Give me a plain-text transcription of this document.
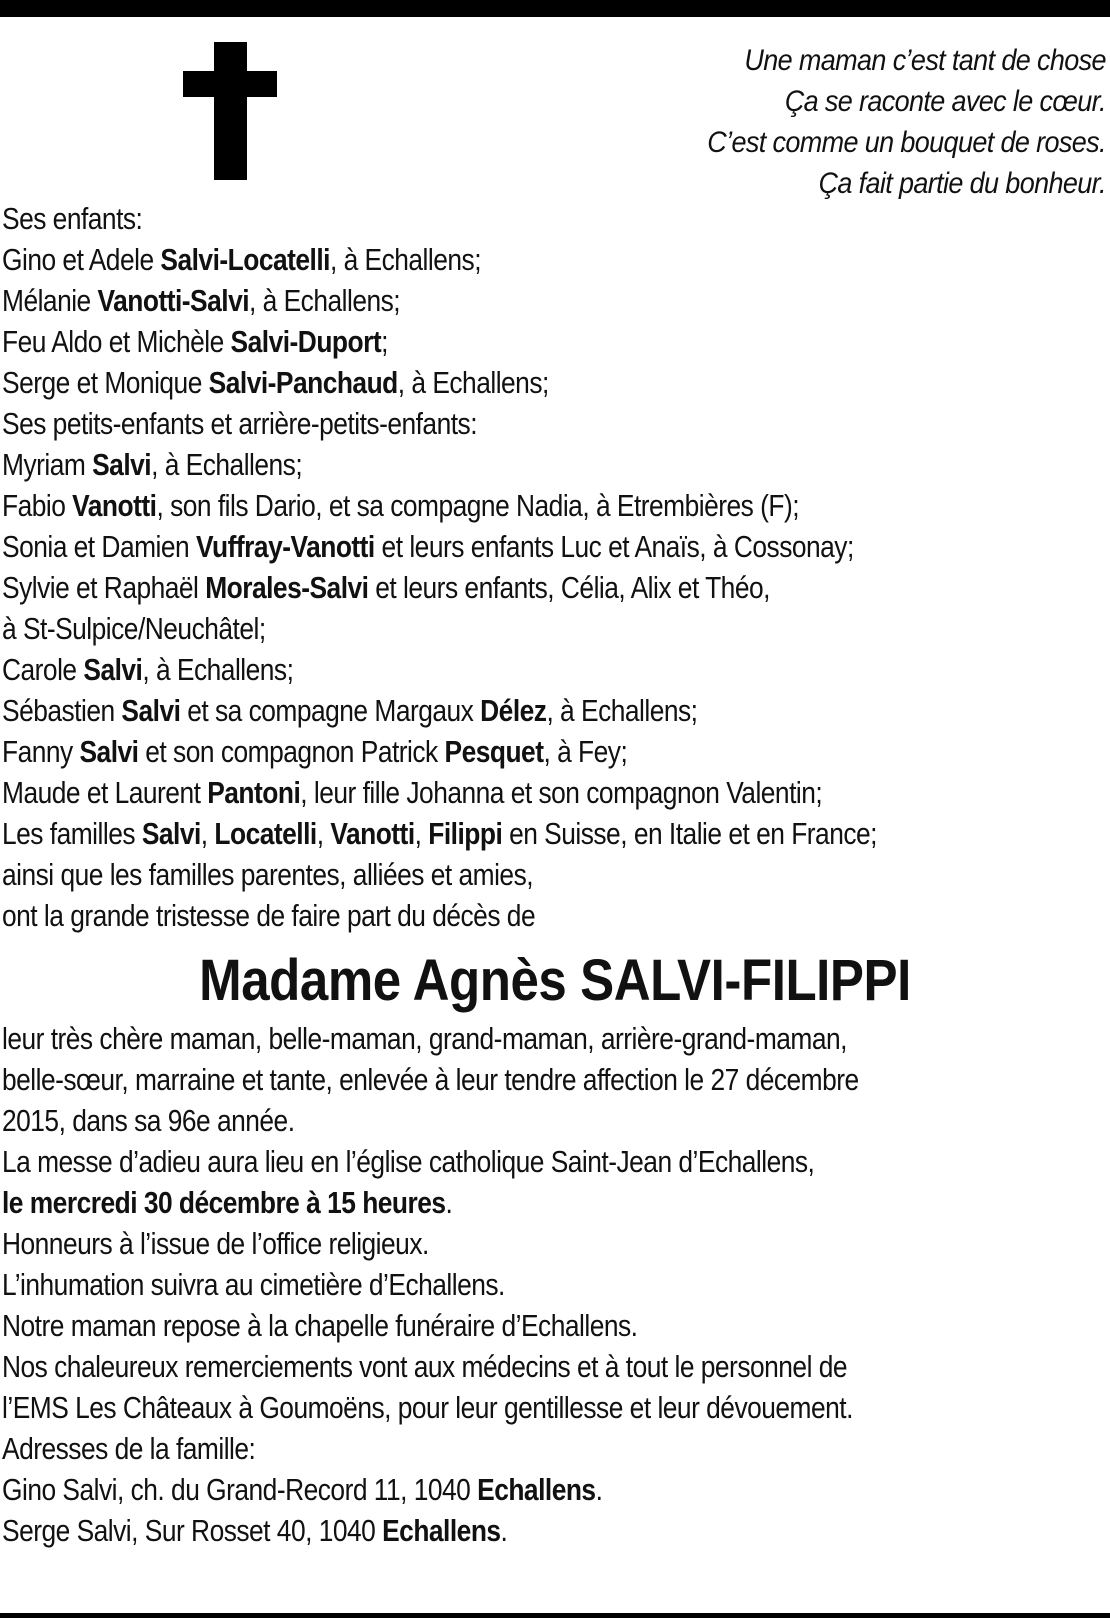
Une maman c’est tant de chose
Ça se raconte avec le cœur.
C’est comme un bouquet de roses.
Ça fait partie du bonheur.
Ses enfants:
Gino et Adele Salvi-Locatelli, à Echallens;
Mélanie Vanotti-Salvi, à Echallens;
Feu Aldo et Michèle Salvi-Duport;
Serge et Monique Salvi-Panchaud, à Echallens;
Ses petits-enfants et arrière-petits-enfants:
Myriam Salvi, à Echallens;
Fabio Vanotti, son fils Dario, et sa compagne Nadia, à Etrembières (F);
Sonia et Damien Vuffray-Vanotti et leurs enfants Luc et Anaïs, à Cossonay;
Sylvie et Raphaël Morales-Salvi et leurs enfants, Célia, Alix et Théo,
à St-Sulpice/Neuchâtel;
Carole Salvi, à Echallens;
Sébastien Salvi et sa compagne Margaux Délez, à Echallens;
Fanny Salvi et son compagnon Patrick Pesquet, à Fey;
Maude et Laurent Pantoni, leur fille Johanna et son compagnon Valentin;
Les familles Salvi, Locatelli, Vanotti, Filippi en Suisse, en Italie et en France;
ainsi que les familles parentes, alliées et amies,
ont la grande tristesse de faire part du décès de
Madame Agnès SALVI-FILIPPI
leur très chère maman, belle-maman, grand-maman, arrière-grand-maman,
belle-sœur, marraine et tante, enlevée à leur tendre affection le 27 décembre
2015, dans sa 96e année.
La messe d’adieu aura lieu en l’église catholique Saint-Jean d’Echallens,
le mercredi 30 décembre à 15 heures.
Honneurs à l’issue de l’office religieux.
L’inhumation suivra au cimetière d’Echallens.
Notre maman repose à la chapelle funéraire d’Echallens.
Nos chaleureux remerciements vont aux médecins et à tout le personnel de
l’EMS Les Châteaux à Goumoëns, pour leur gentillesse et leur dévouement.
Adresses de la famille:
Gino Salvi, ch. du Grand-Record 11, 1040 Echallens.
Serge Salvi, Sur Rosset 40, 1040 Echallens.
